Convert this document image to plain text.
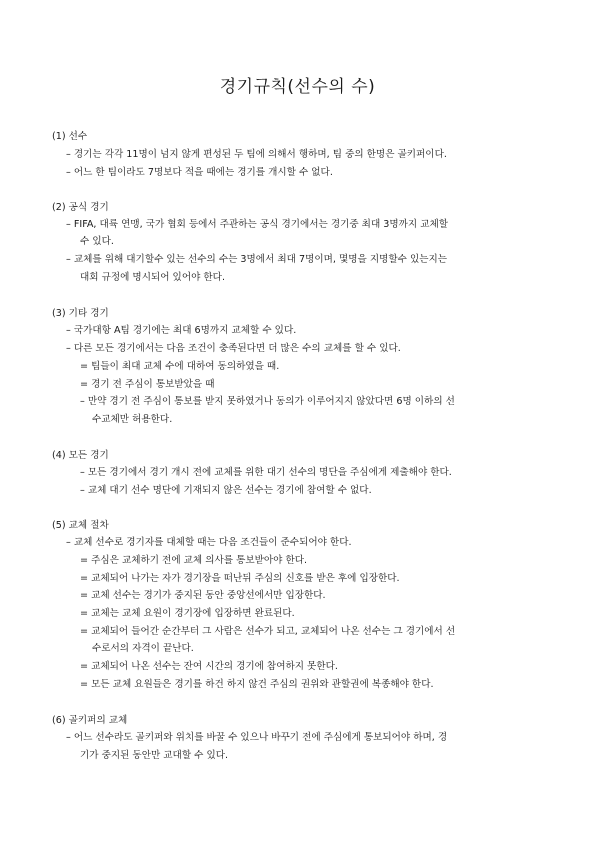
경기규칙(선수의 수)
(1) 선수
– 경기는 각각 11명이 넘지 않게 편성된 두 팀에 의해서 행하며, 팀 중의 한명은 골키퍼이다.
– 어느 한 팀이라도 7명보다 적을 때에는 경기를 개시할 수 없다.
(2) 공식 경기
– FIFA, 대륙 연맹, 국가 협회 등에서 주관하는 공식 경기에서는 경기중 최대 3명까지 교체할
수 있다.
– 교체를 위해 대기할수 있는 선수의 수는 3명에서 최대 7명이며, 몇명을 지명할수 있는지는
대회 규정에 명시되어 있어야 한다.
(3) 기타 경기
– 국가대항 A팀 경기에는 최대 6명까지 교체할 수 있다.
– 다른 모든 경기에서는 다음 조건이 충족된다면 더 많은 수의 교체를 할 수 있다.
= 팀들이 최대 교체 수에 대하여 동의하였을 때.
= 경기 전 주심이 통보받았을 때
– 만약 경기 전 주심이 통보를 받지 못하였거나 동의가 이루어지지 않았다면 6명 이하의 선
수교체만 허용한다.
(4) 모든 경기
– 모든 경기에서 경기 개시 전에 교체를 위한 대기 선수의 명단을 주심에게 제출해야 한다.
– 교체 대기 선수 명단에 기재되지 않은 선수는 경기에 참여할 수 없다.
(5) 교체 절차
– 교체 선수로 경기자를 대체할 때는 다음 조건들이 준수되어야 한다.
= 주심은 교체하기 전에 교체 의사를 통보받아야 한다.
= 교체되어 나가는 자가 경기장을 떠난뒤 주심의 신호를 받은 후에 입장한다.
= 교체 선수는 경기가 중지된 동안 중앙선에서만 입장한다.
= 교체는 교체 요원이 경기장에 입장하면 완료된다.
= 교체되어 들어간 순간부터 그 사람은 선수가 되고, 교체되어 나온 선수는 그 경기에서 선
수로서의 자격이 끝난다.
= 교체되어 나온 선수는 잔여 시간의 경기에 참여하지 못한다.
= 모든 교체 요원들은 경기를 하건 하지 않건 주심의 권위와 관할권에 복종해야 한다.
(6) 골키퍼의 교체
– 어느 선수라도 골키퍼와 위치를 바꿀 수 있으나 바꾸기 전에 주심에게 통보되어야 하며, 경
기가 중지된 동안만 교대할 수 있다.
